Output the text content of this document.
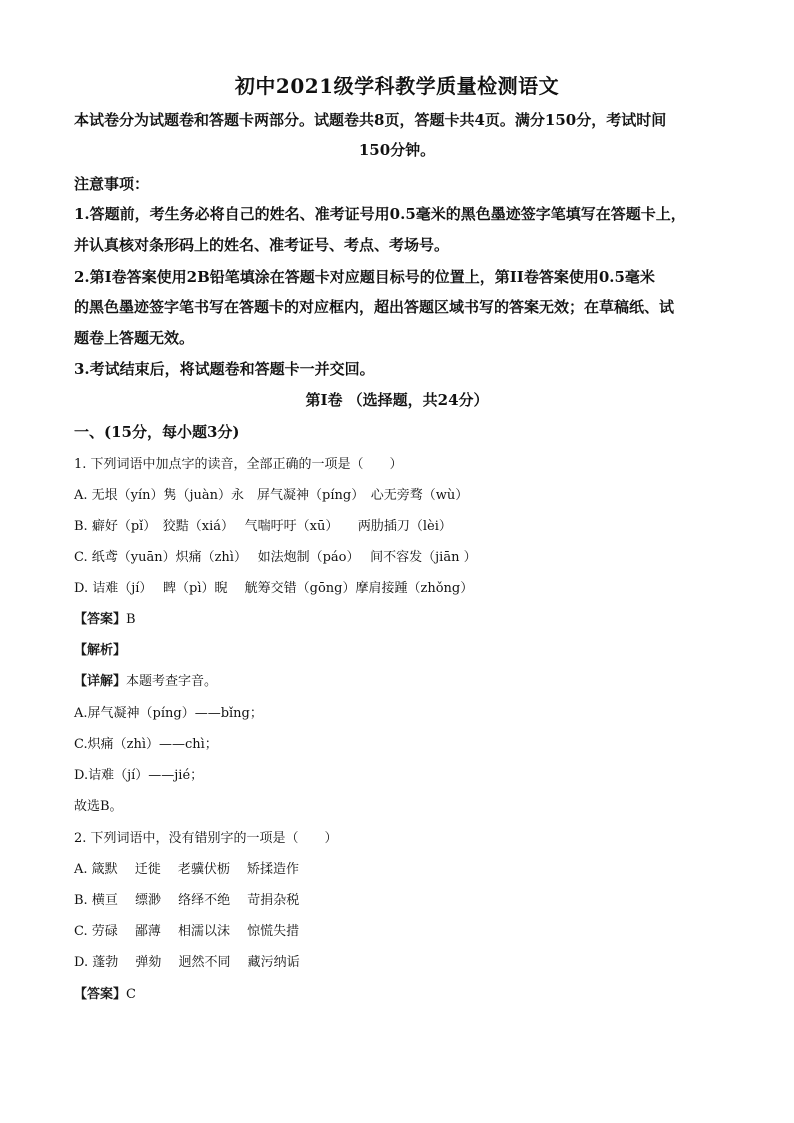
初中2021级学科教学质量检测语文
本试卷分为试题卷和答题卡两部分。试题卷共8页，答题卡共4页。满分150分，考试时间
150分钟。
注意事项：
1.答题前，考生务必将自己的姓名、准考证号用0.5毫米的黑色墨迹签字笔填写在答题卡上，
并认真核对条形码上的姓名、准考证号、考点、考场号。
2.第Ⅰ卷答案使用2B铅笔填涂在答题卡对应题目标号的位置上，第II卷答案使用0.5毫米
的黑色墨迹签字笔书写在答题卡的对应框内，超出答题区域书写的答案无效；在草稿纸、试
题卷上答题无效。
3.考试结束后，将试题卷和答题卡一并交回。
第Ⅰ卷 （选择题，共24分）
一、(15分，每小题3分)
1. 下列词语中加点字的读音，全部正确的一项是（　　）
A. 无垠（yín）隽（juàn）永　屏气凝神（píng）　心无旁骛（wù）
B. 癖好（pǐ）　狡黠（xiá）　 气喘吁吁（xū）　　两肋插刀（lèi）
C. 纸鸢（yuān）炽痛（zhì）　 如法炮制（páo）　 间不容发（jiān ）
D. 诘难（jí）　 睥（pì）睨　 觥筹交错（gōng）摩肩接踵（zhǒng）
【答案】B
【解析】
【详解】本题考查字音。
A.屏气凝神（píng）——bǐng；
C.炽痛（zhì）——chì；
D.诘难（jí）——jié；
故选B。
2. 下列词语中，没有错别字的一项是（　　）
A. 箴默　 迁徙　 老骥伏枥　 矫揉造作
B. 横亘　 缥渺　 络绎不绝　 苛捐杂税
C. 劳碌　 鄙薄　 相濡以沫　 惊慌失措
D. 蓬勃　 弹劾　 迥然不同　 藏污纳诟
【答案】C
